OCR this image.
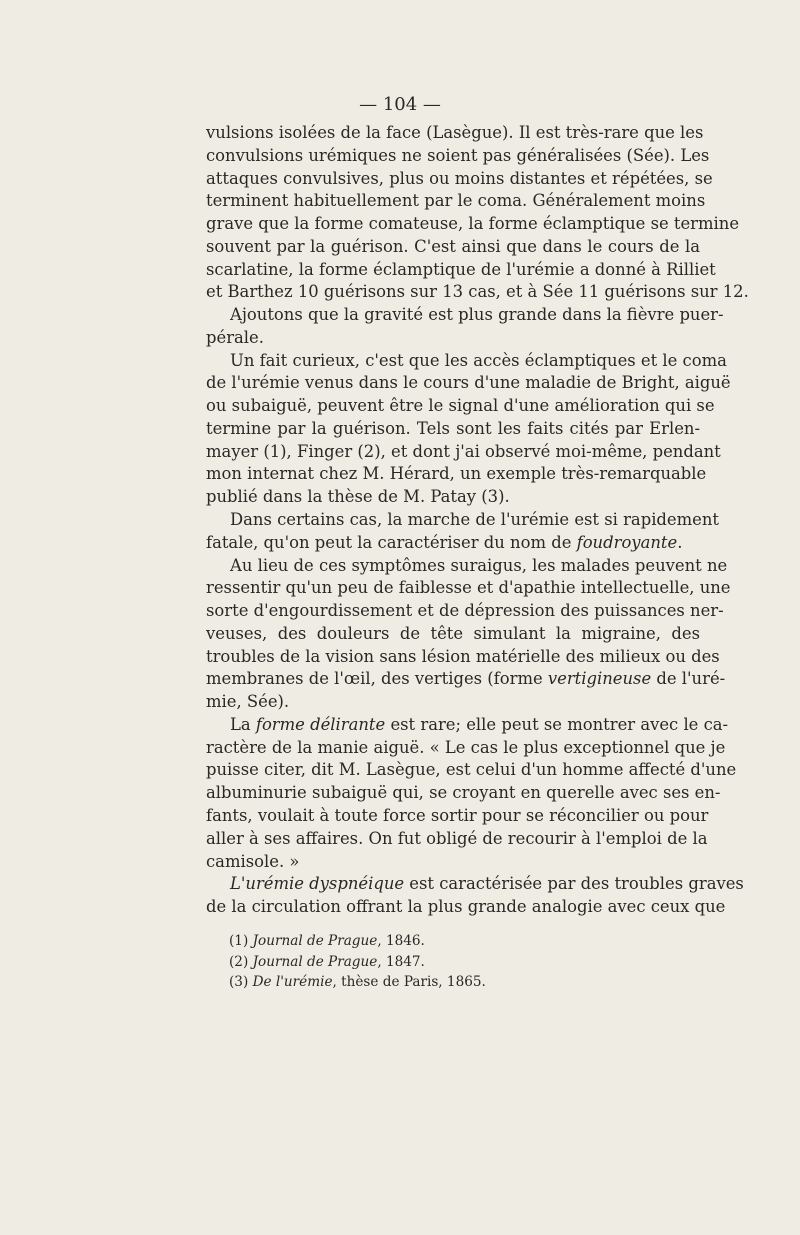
— 104 —
vulsions isolées de la face (Lasègue). Il est très-rare que les
convulsions urémiques ne soient pas généralisées (Sée). Les
attaques convulsives, plus ou moins distantes et répétées, se
terminent habituellement par le coma. Généralement moins
grave que la forme comateuse, la forme éclamptique se termine
souvent par la guérison. C'est ainsi que dans le cours de la
scarlatine, la forme éclamptique de l'urémie a donné à Rilliet
et Barthez 10 guérisons sur 13 cas, et à Sée 11 guérisons sur 12.
Ajoutons que la gravité est plus grande dans la fièvre puer-
pérale.
Un fait curieux, c'est que les accès éclamptiques et le coma
de l'urémie venus dans le cours d'une maladie de Bright, aiguë
ou subaiguë, peuvent être le signal d'une amélioration qui se
termine par la guérison. Tels sont les faits cités par Erlen-
mayer (1), Finger (2), et dont j'ai observé moi-même, pendant
mon internat chez M. Hérard, un exemple très-remarquable
publié dans la thèse de M. Patay (3).
Dans certains cas, la marche de l'urémie est si rapidement
fatale, qu'on peut la caractériser du nom de foudroyante.
Au lieu de ces symptômes suraigus, les malades peuvent ne
ressentir qu'un peu de faiblesse et d'apathie intellectuelle, une
sorte d'engourdissement et de dépression des puissances ner-
veuses, des douleurs de tête simulant la migraine, des
troubles de la vision sans lésion matérielle des milieux ou des
membranes de l'œil, des vertiges (forme vertigineuse de l'uré-
mie, Sée).
La forme délirante est rare; elle peut se montrer avec le ca-
ractère de la manie aiguë. « Le cas le plus exceptionnel que je
puisse citer, dit M. Lasègue, est celui d'un homme affecté d'une
albuminurie subaiguë qui, se croyant en querelle avec ses en-
fants, voulait à toute force sortir pour se réconcilier ou pour
aller à ses affaires. On fut obligé de recourir à l'emploi de la
camisole. »
L'urémie dyspnéique est caractérisée par des troubles graves
de la circulation offrant la plus grande analogie avec ceux que
(1) Journal de Prague, 1846.
(2) Journal de Prague, 1847.
(3) De l'urémie, thèse de Paris, 1865.
